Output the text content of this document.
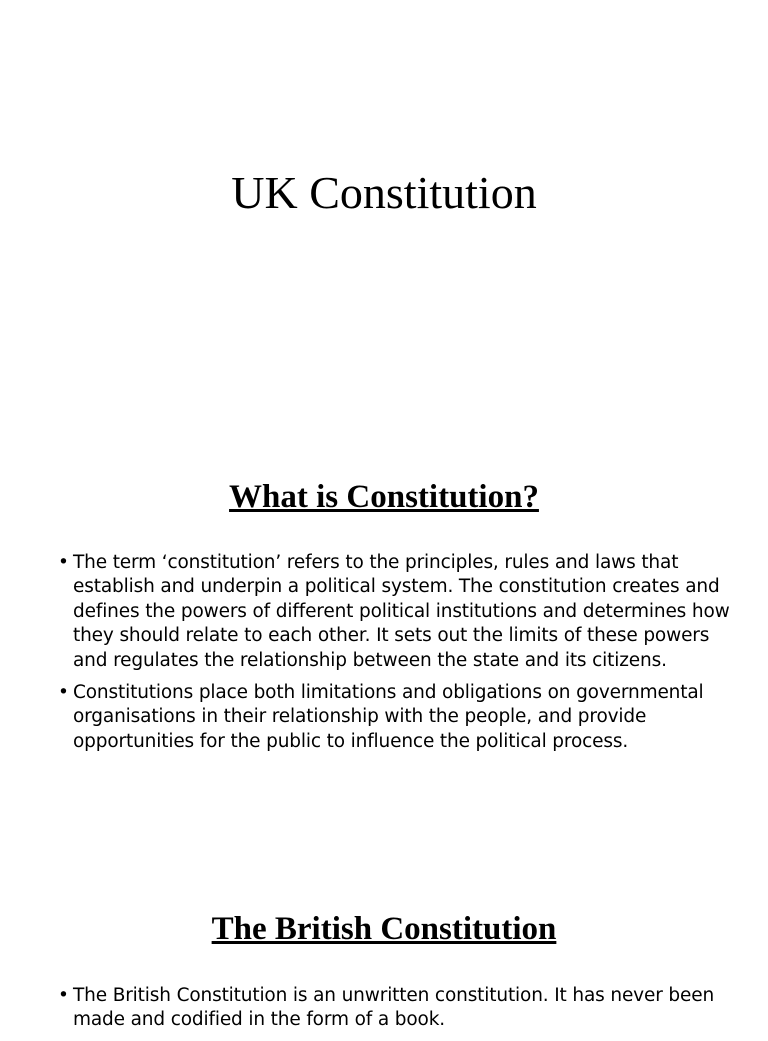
UK Constitution
What is Constitution?
• The term ‘constitution’ refers to the principles, rules and laws that establish and underpin a political system. The constitution creates and defines the powers of different political institutions and determines how they should relate to each other. It sets out the limits of these powers and regulates the relationship between the state and its citizens.
• Constitutions place both limitations and obligations on governmental organisations in their relationship with the people, and provide opportunities for the public to influence the political process.
The British Constitution
• The British Constitution is an unwritten constitution. It has never been made and codified in the form of a book.
